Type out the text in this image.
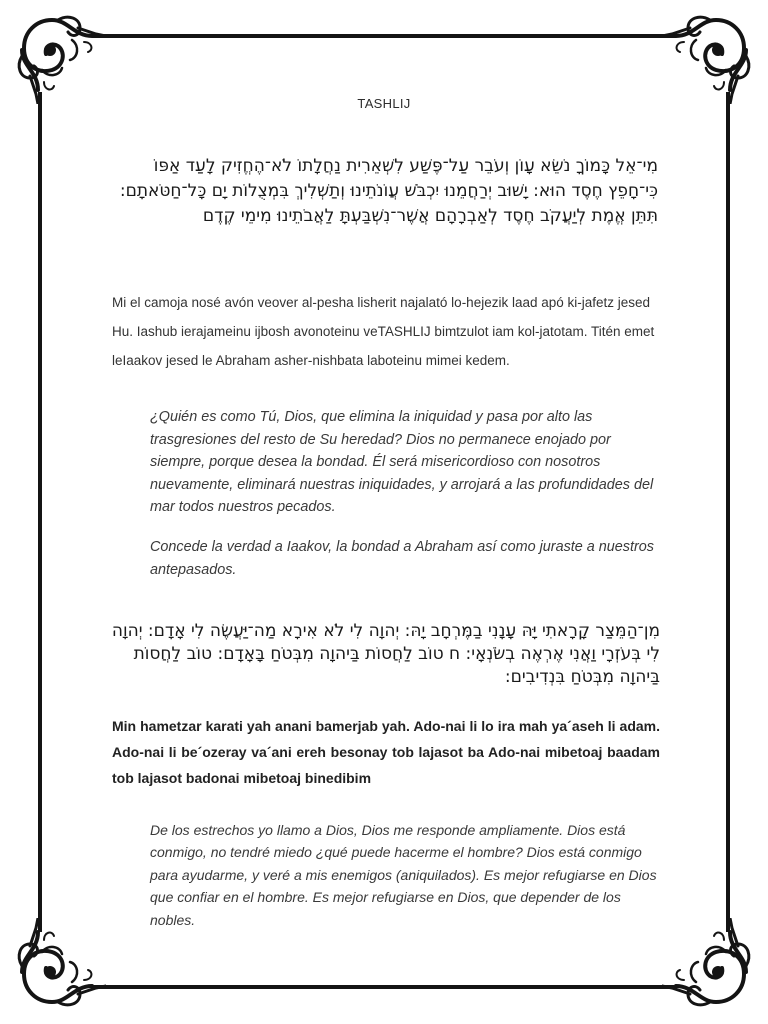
TASHLIJ
מִי־אֵל כָּמוֹךָ נֹשֵׂא עָוֹן וְעֹבֵר עַל־פֶּשַׁע לִשְׁאֵרִית נַחֲלָתוֹ לֹא־הֶחֱזִיק לָעַד אַפּוֹ כִּי־חָפֵץ חֶסֶד הוּא: יָשׁוּב יְרַחֲמֵנוּ יִכְבֹּשׁ עֲוֹנֹתֵינוּ וְתַשְׁלִיךְ בִּמְצֻלוֹת יָם כָּל־חַטֹּאתָם: תִּתֵּן אֱמֶת לְיַעֲקֹב חֶסֶד לְאַבְרָהָם אֲשֶׁר־נִשְׁבַּעְתָּ לַאֲבֹתֵינוּ מִימֵי קֶדֶם
Mi el camoja nosé avón veover al-pesha lisherit najalató lo-hejezik laad apó ki-jafetz jesed Hu. Iashub ierajameinu ijbosh avonoteinu veTASHLIJ bimtzulot iam kol-jatotam. Titén emet leIaakov jesed le Abraham asher-nishbata laboteinu mimei kedem.
¿Quién es como Tú, Dios, que elimina la iniquidad y pasa por alto las trasgresiones del resto de Su heredad? Dios no permanece enojado por siempre, porque desea la bondad. Él será misericordioso con nosotros nuevamente, eliminará nuestras iniquidades, y arrojará a las profundidades del mar todos nuestros pecados.
Concede la verdad a Iaakov, la bondad a Abraham así como juraste a nuestros antepasados.
מִן־הַמֵּצַר קָרָאתִי יָּהּ עָנָנִי בַמֶּרְחָב יָהּ: יְהוָה לִי לֹא אִירָא מַה־יַּעֲשֶׂה לִי אָדָם: יְהוָה לִי בְּעֹזְרָי וַאֲנִי אֶרְאֶה בְשֹׂנְאָי: ח טוֹב לַחֲסוֹת בַּיהוָה מִבְּטֹחַ בָּאָדָם: טוֹב לַחֲסוֹת בַּיהוָה מִבְּטֹחַ בִּנְדִיבִים:
Min hametzar karati yah anani bamerjab yah. Ado-nai li lo ira mah ya´aseh li adam. Ado-nai li be´ozeray va´ani ereh besonay tob lajasot ba Ado-nai mibetoaj baadam tob lajasot badonai mibetoaj binedibim
De los estrechos yo llamo a Dios, Dios me responde ampliamente. Dios está conmigo, no tendré miedo ¿qué puede hacerme el hombre? Dios está conmigo para ayudarme, y veré a mis enemigos (aniquilados). Es mejor refugiarse en Dios que confiar en el hombre. Es mejor refugiarse en Dios, que depender de los nobles.
